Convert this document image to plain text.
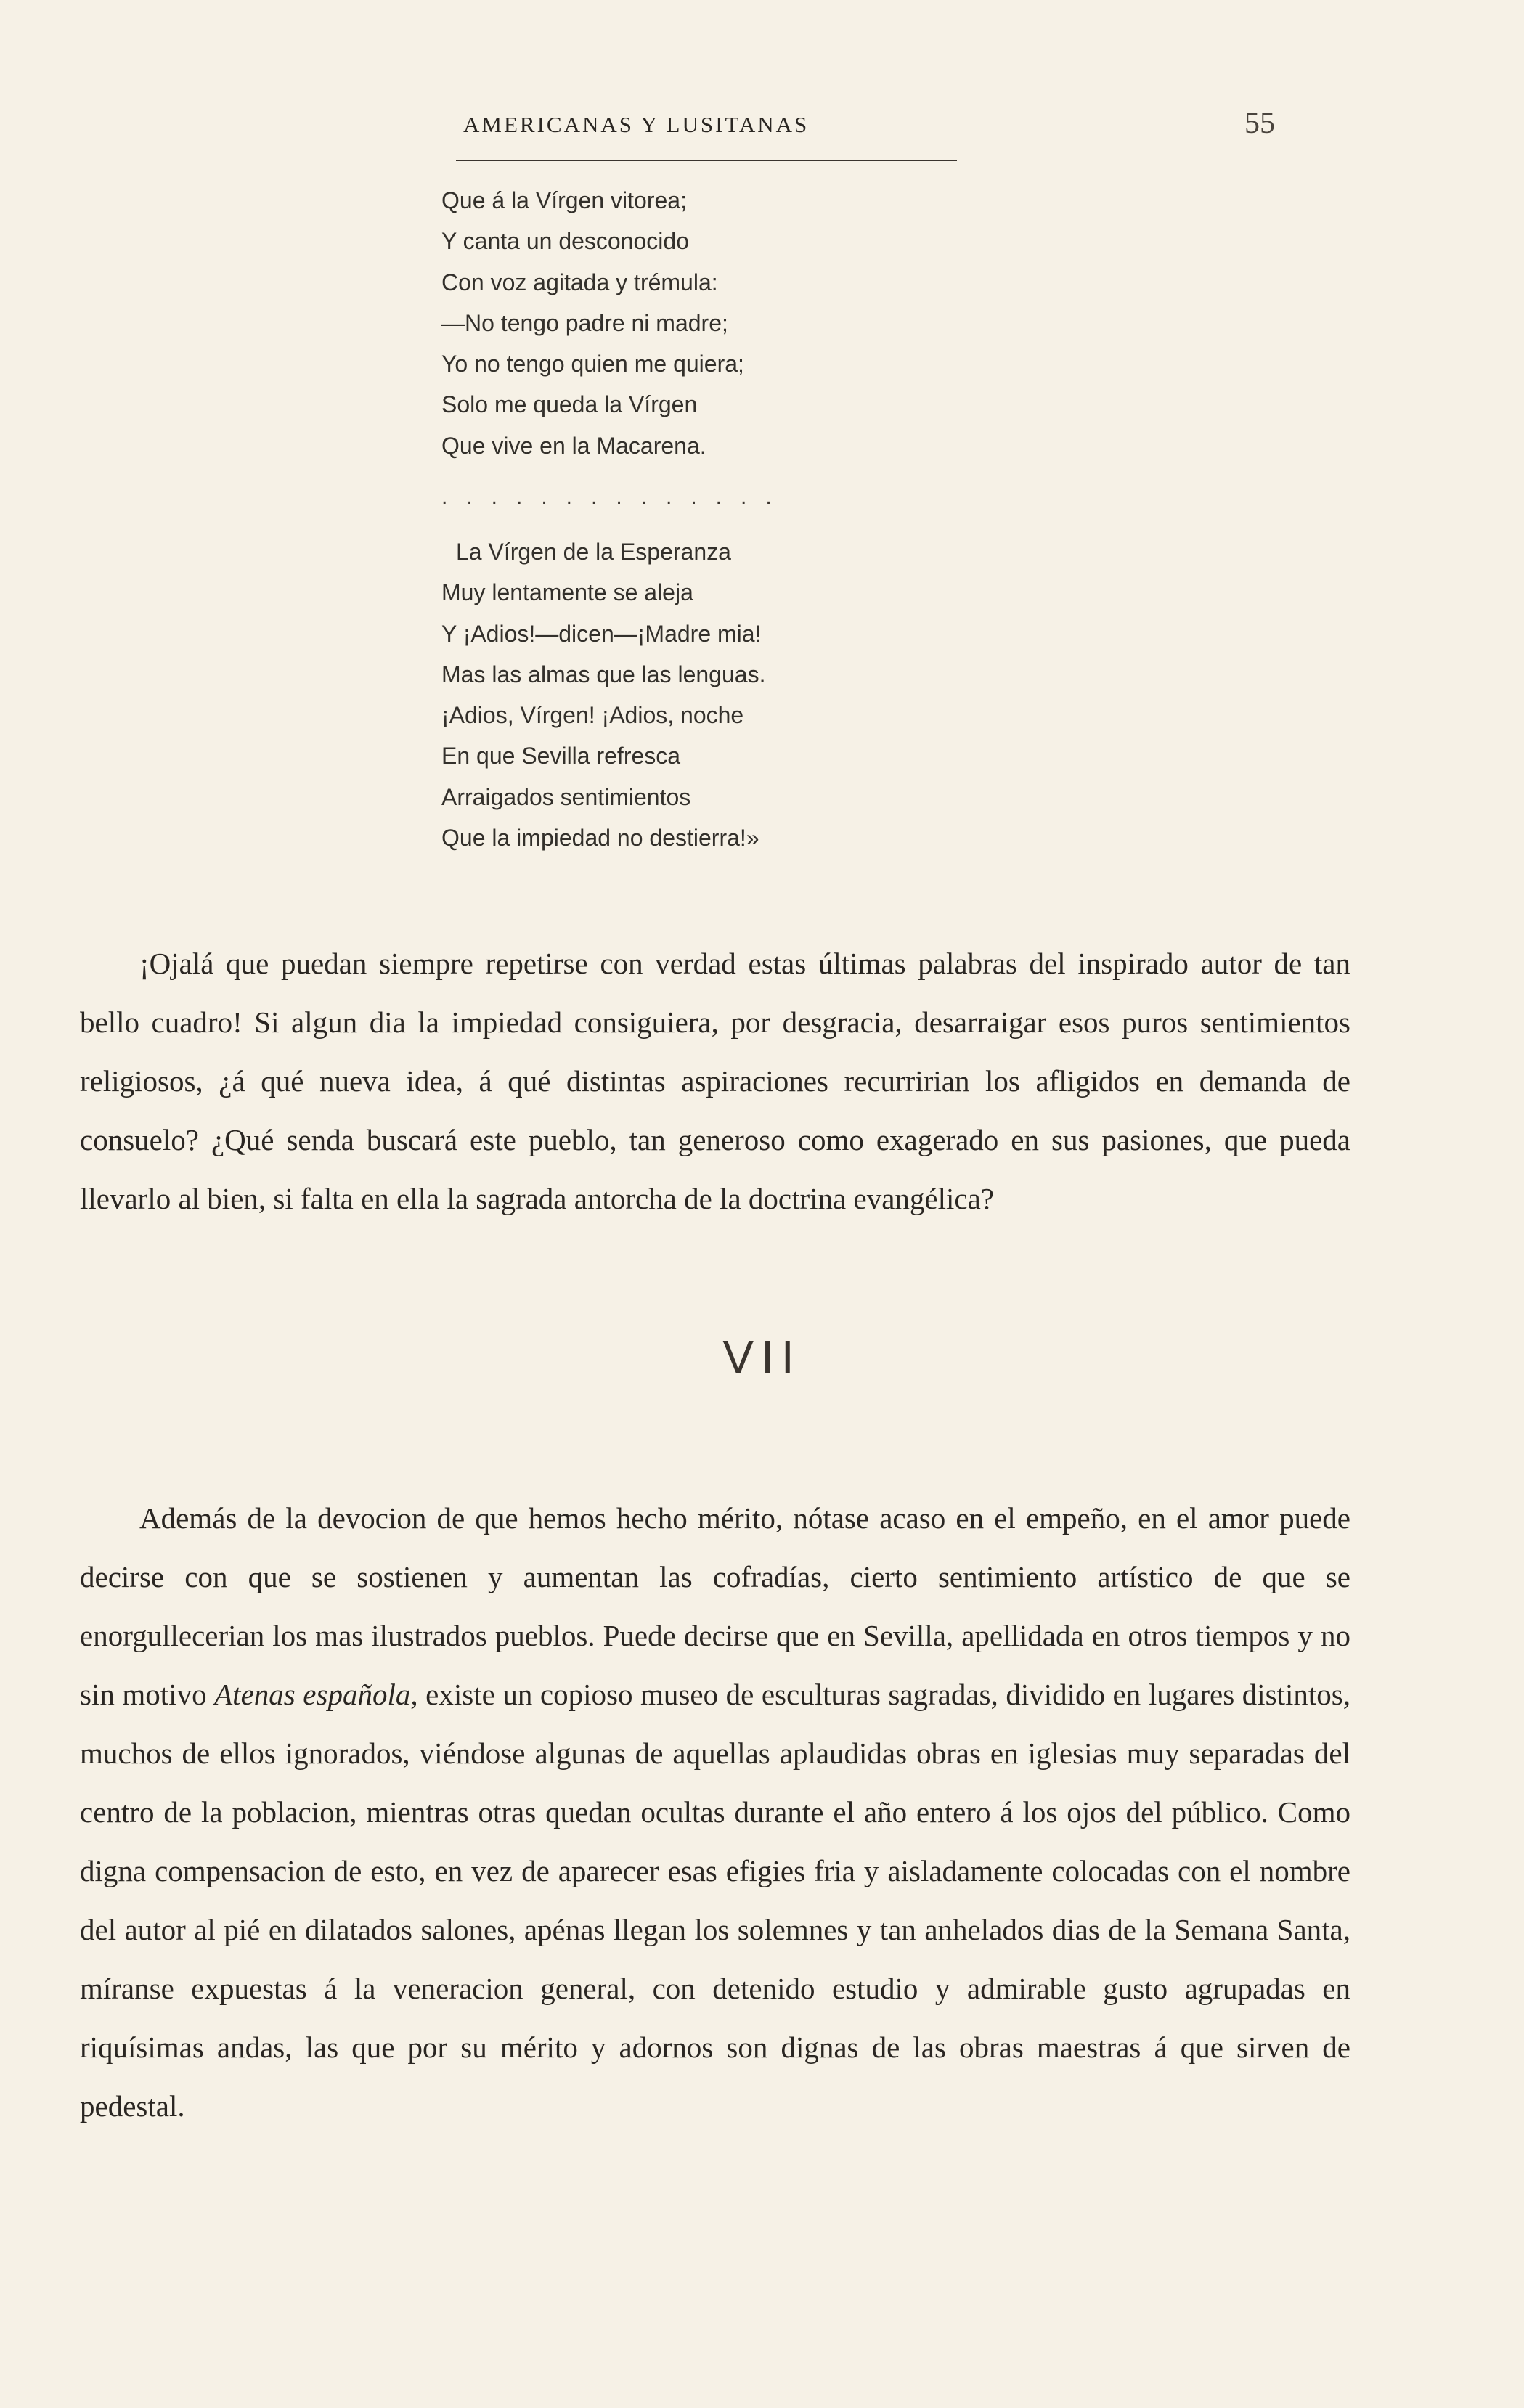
AMERICANAS Y LUSITANAS	55
Que á la Vírgen vitorea;
Y canta un desconocido
Con voz agitada y trémula:
—No tengo padre ni madre;
Yo no tengo quien me quiera;
Solo me queda la Vírgen
Que vive en la Macarena.
..............
La Vírgen de la Esperanza
Muy lentamente se aleja
Y ¡Adios!—dicen—¡Madre mia!
Mas las almas que las lenguas.
¡Adios, Vírgen! ¡Adios, noche
En que Sevilla refresca
Arraigados sentimientos
Que la impiedad no destierra!»

¡Ojalá que puedan siempre repetirse con verdad estas últimas palabras del inspirado autor de tan bello cuadro! Si algun dia la impiedad consiguiera, por desgracia, desarraigar esos puros sentimientos religiosos, ¿á qué nueva idea, á qué distintas aspiraciones recurririan los afligidos en demanda de consuelo? ¿Qué senda buscará este pueblo, tan generoso como exagerado en sus pasiones, que pueda llevarlo al bien, si falta en ella la sagrada antorcha de la doctrina evangélica?

VII

Además de la devocion de que hemos hecho mérito, nótase acaso en el empeño, en el amor puede decirse con que se sostienen y aumentan las cofradías, cierto sentimiento artístico de que se enorgullecerian los mas ilustrados pueblos. Puede decirse que en Sevilla, apellidada en otros tiempos y no sin motivo Atenas española, existe un copioso museo de esculturas sagradas, dividido en lugares distintos, muchos de ellos ignorados, viéndose algunas de aquellas aplaudidas obras en iglesias muy separadas del centro de la poblacion, mientras otras quedan ocultas durante el año entero á los ojos del público. Como digna compensacion de esto, en vez de aparecer esas efigies fria y aisladamente colocadas con el nombre del autor al pié en dilatados salones, apénas llegan los solemnes y tan anhelados dias de la Semana Santa, míranse expuestas á la veneracion general, con detenido estudio y admirable gusto agrupadas en riquísimas andas, las que por su mérito y adornos son dignas de las obras maestras á que sirven de pedestal.
